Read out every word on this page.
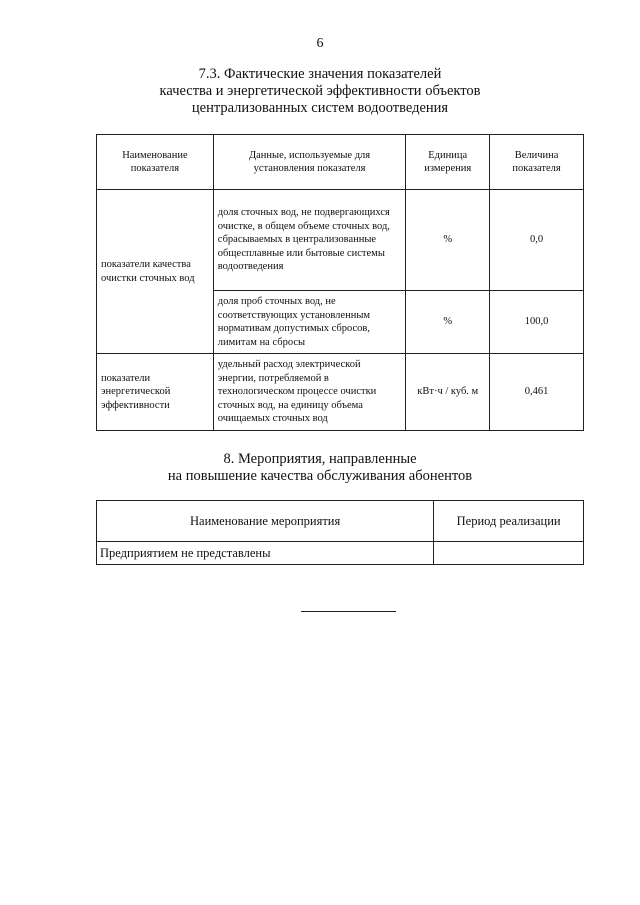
6
7.3. Фактические значения показателей
качества и энергетической эффективности объектов
централизованных систем водоотведения
Наименование показателя	Данные, используемые для установления показателя	Единица измерения	Величина показателя
показатели качества очистки сточных вод	доля сточных вод, не подвергающихся очистке, в общем объеме сточных вод, сбрасываемых в централизованные общесплавные или бытовые системы водоотведения	%	0,0
	доля проб сточных вод, не соответствующих установленным нормативам допустимых сбросов, лимитам на сбросы	%	100,0
показатели энергетической эффективности	удельный расход электрической энергии, потребляемой в технологическом процессе очистки сточных вод, на единицу объема очищаемых сточных вод	кВт·ч / куб. м	0,461
8. Мероприятия, направленные
на повышение качества обслуживания абонентов
Наименование мероприятия	Период реализации
Предприятием не представлены	
